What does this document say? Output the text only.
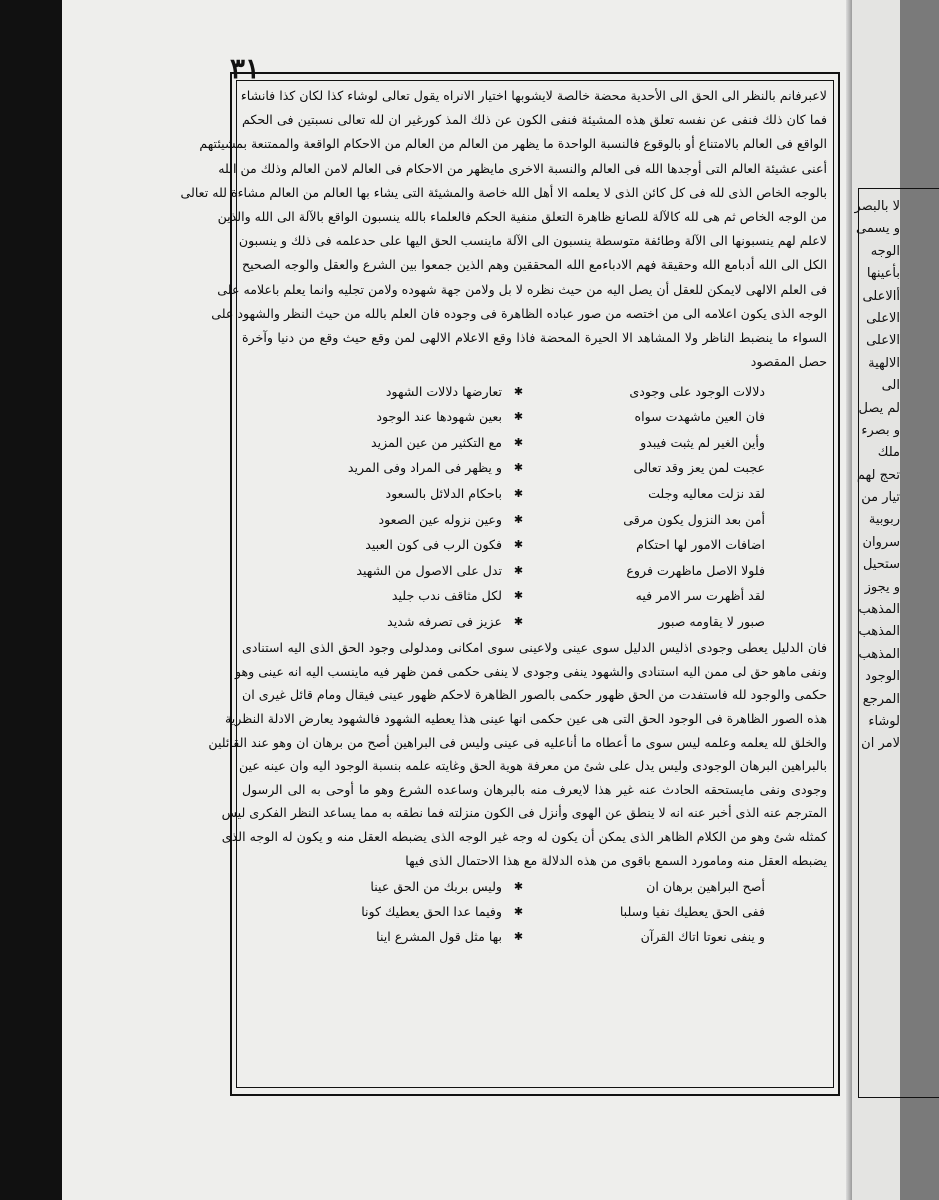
٣١
لاعبرفانم بالنظر الى الحق الى الأحدية محضة خالصة لايشوبها اختيار الانراه يقول تعالى لوشاء كذا لكان كذا فانشاء
فما كان ذلك فنفى عن نفسه تعلق هذه المشيئة فنفى الكون عن ذلك المذ كورغير ان لله تعالى نسبتين فى الحكم
الواقع فى العالم بالامتناع أو بالوقوع فالنسبة الواحدة ما يظهر من العالم من العالم من الاحكام الواقعة والممتنعة بمشيئتهم
أعنى عشيئة العالم التى أوجدها الله فى العالم والنسبة الاخرى مايظهر من الاحكام فى العالم لامن العالم وذلك من الله
بالوجه الخاص الذى لله فى كل كائن الذى لا يعلمه الا أهل الله خاصة والمشيئة التى يشاء بها العالم من العالم مشاءة لله تعالى
من الوجه الخاص ثم هى لله كالآلة للصانع ظاهرة التعلق منفية الحكم فالعلماء بالله ينسبون الواقع بالآلة الى الله والذين
لاعلم لهم ينسبونها الى الآلة وطائفة متوسطة ينسبون الى الآلة ماينسب الحق اليها على حدعلمه فى ذلك و ينسبون
الكل الى الله أدبامع الله وحقيقة فهم الادباءمع الله المحققين وهم الذين جمعوا بين الشرع والعقل والوجه الصحيح
فى العلم الالهى لايمكن للعقل أن يصل اليه من حيث نظره لا بل ولامن جهة شهوده ولامن تجليه وانما يعلم باعلامه على
الوجه الذى يكون اعلامه الى من اختصه من صور عباده الظاهرة فى وجوده فان العلم بالله من حيث النظر والشهود على
السواء ما ينضبط الناظر ولا المشاهد الا الحيرة المحضة فاذا وقع الاعلام الالهى لمن وقع حيث وقع من دنيا وآخرة
حصل المقصود
دلالات الوجود على وجودى
✱
تعارضها دلالات الشهود
فان العين ماشهدت سواه
✱
بعين شهودها عند الوجود
وأين الغير لم يثبت فيبدو
✱
مع التكثير من عين المزيد
عجبت لمن يعز وقد تعالى
✱
و يظهر فى المراد وفى المريد
لقد نزلت معاليه وجلت
✱
باحكام الدلائل بالسعود
أمن بعد النزول يكون مرقى
✱
وعين نزوله عين الصعود
اضافات الامور لها احتكام
✱
فكون الرب فى كون العبيد
فلولا الاصل ماظهرت فروع
✱
تدل على الاصول من الشهيد
لقد أظهرت سر الامر فيه
✱
لكل مثاقف ندب جليد
صبور لا يقاومه صبور
✱
عزيز فى تصرفه شديد
فان الدليل يعطى وجودى اذليس الدليل سوى عينى ولاعينى سوى امكانى ومدلولى وجود الحق الذى اليه استنادى
ونفى ماهو حق لى ممن اليه استنادى والشهود ينفى وجودى لا ينفى حكمى فمن ظهر فيه ماينسب اليه انه عينى وهو
حكمى والوجود لله فاستفدت من الحق ظهور حكمى بالصور الظاهرة لاحكم ظهور عينى فيقال ومام قائل غيرى ان
هذه الصور الظاهرة فى الوجود الحق التى هى عين حكمى انها عينى هذا يعطيه الشهود فالشهود يعارض الادلة النظرية
والخلق لله يعلمه وعلمه ليس سوى ما أعطاه ما أناعليه فى عينى وليس فى البراهين أصح من برهان ان وهو عند القائلين
بالبراهين البرهان الوجودى وليس يدل على شئ من معرفة هوية الحق وغايته علمه بنسبة الوجود اليه وان عينه عين
وجودى ونفى مايستحقه الحادث عنه غير هذا لايعرف منه بالبرهان وساعده الشرع وهو ما أوحى به الى الرسول
المترجم عنه الذى أخبر عنه انه لا ينطق عن الهوى وأنزل فى الكون منزلته فما نطقه به مما يساعد النظر الفكرى ليس
كمثله شئ وهو من الكلام الظاهر الذى يمكن أن يكون له وجه غير الوجه الذى يضبطه العقل منه و يكون له الوجه الذى
يضبطه العقل منه ومامورد السمع باقوى من هذه الدلالة مع هذا الاحتمال الذى فيها
أصح البراهين برهان ان
✱
وليس بربك من الحق عينا
ففى الحق يعطيك نفيا وسلبا
✱
وفيما عدا الحق يعطيك كونا
و ينفى نعوتا اتاك القرآن
✱
بها مثل قول المشرع اينا
لا بالبصر
و يسمى
الوجه
بأعينها
أالاعلى
الاعلى
الاعلى
الالهية
الى
لم يصل
و بصرء
ملك
تحج لهم
تيار من
ربوبية
سروان
ستحيل
و يجوز
المذهب
المذهب
المذهب
الوجود
المرجع
لوشاء
لامر ان
